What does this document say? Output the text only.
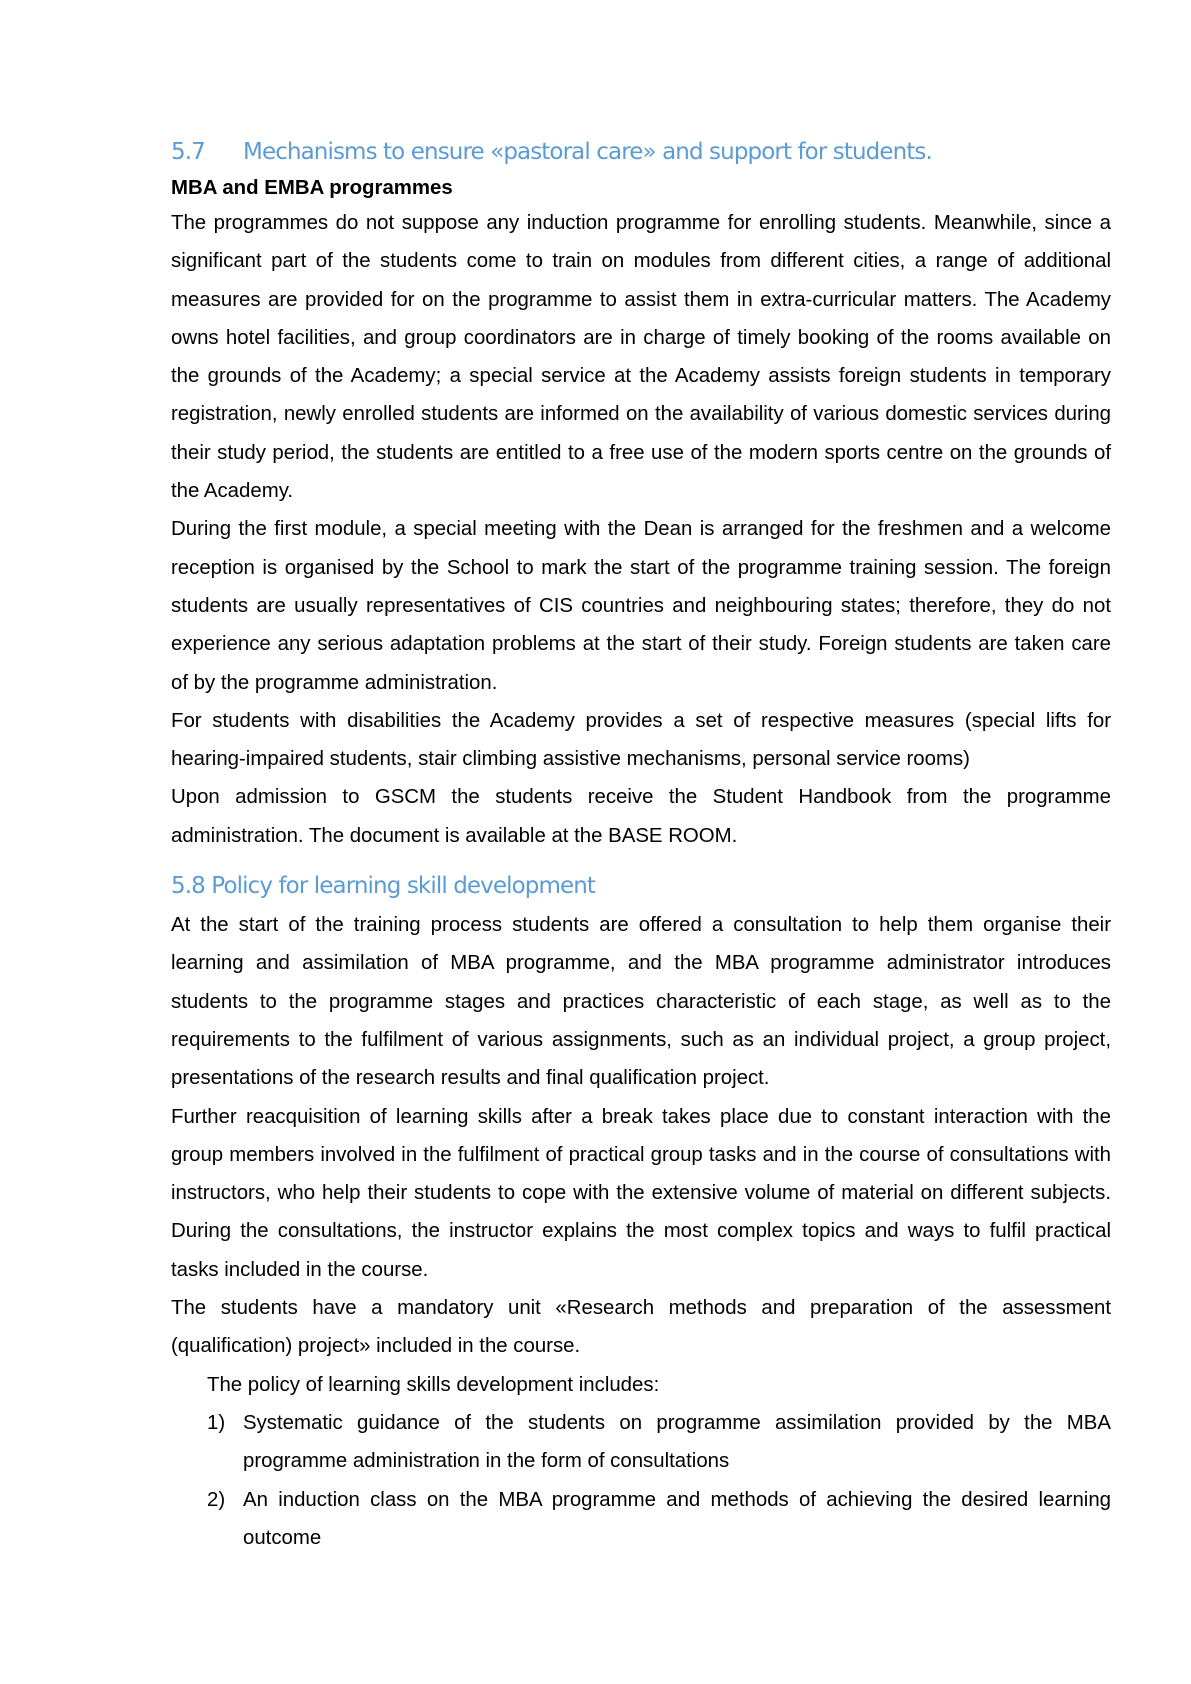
5.7 Mechanisms to ensure «pastoral care» and support for students.
MBA and EMBA programmes

The programmes do not suppose any induction programme for enrolling students. Meanwhile, since a significant part of the students come to train on modules from different cities, a range of additional measures are provided for on the programme to assist them in extra-curricular matters. The Academy owns hotel facilities, and group coordinators are in charge of timely booking of the rooms available on the grounds of the Academy; a special service at the Academy assists foreign students in temporary registration, newly enrolled students are informed on the availability of various domestic services during their study period, the students are entitled to a free use of the modern sports centre on the grounds of the Academy.

During the first module, a special meeting with the Dean is arranged for the freshmen and a welcome reception is organised by the School to mark the start of the programme training session. The foreign students are usually representatives of CIS countries and neighbouring states; therefore, they do not experience any serious adaptation problems at the start of their study. Foreign students are taken care of by the programme administration.

For students with disabilities the Academy provides a set of respective measures (special lifts for hearing-impaired students, stair climbing assistive mechanisms, personal service rooms)

Upon admission to GSCM the students receive the Student Handbook from the programme administration. The document is available at the BASE ROOM.

5.8 Policy for learning skill development

At the start of the training process students are offered a consultation to help them organise their learning and assimilation of MBA programme, and the MBA programme administrator introduces students to the programme stages and practices characteristic of each stage, as well as to the requirements to the fulfilment of various assignments, such as an individual project, a group project, presentations of the research results and final qualification project.

Further reacquisition of learning skills after a break takes place due to constant interaction with the group members involved in the fulfilment of practical group tasks and in the course of consultations with instructors, who help their students to cope with the extensive volume of material on different subjects. During the consultations, the instructor explains the most complex topics and ways to fulfil practical tasks included in the course.

The students have a mandatory unit «Research methods and preparation of the assessment (qualification) project» included in the course.

The policy of learning skills development includes:

1) Systematic guidance of the students on programme assimilation provided by the MBA programme administration in the form of consultations
2) An induction class on the MBA programme and methods of achieving the desired learning outcome
